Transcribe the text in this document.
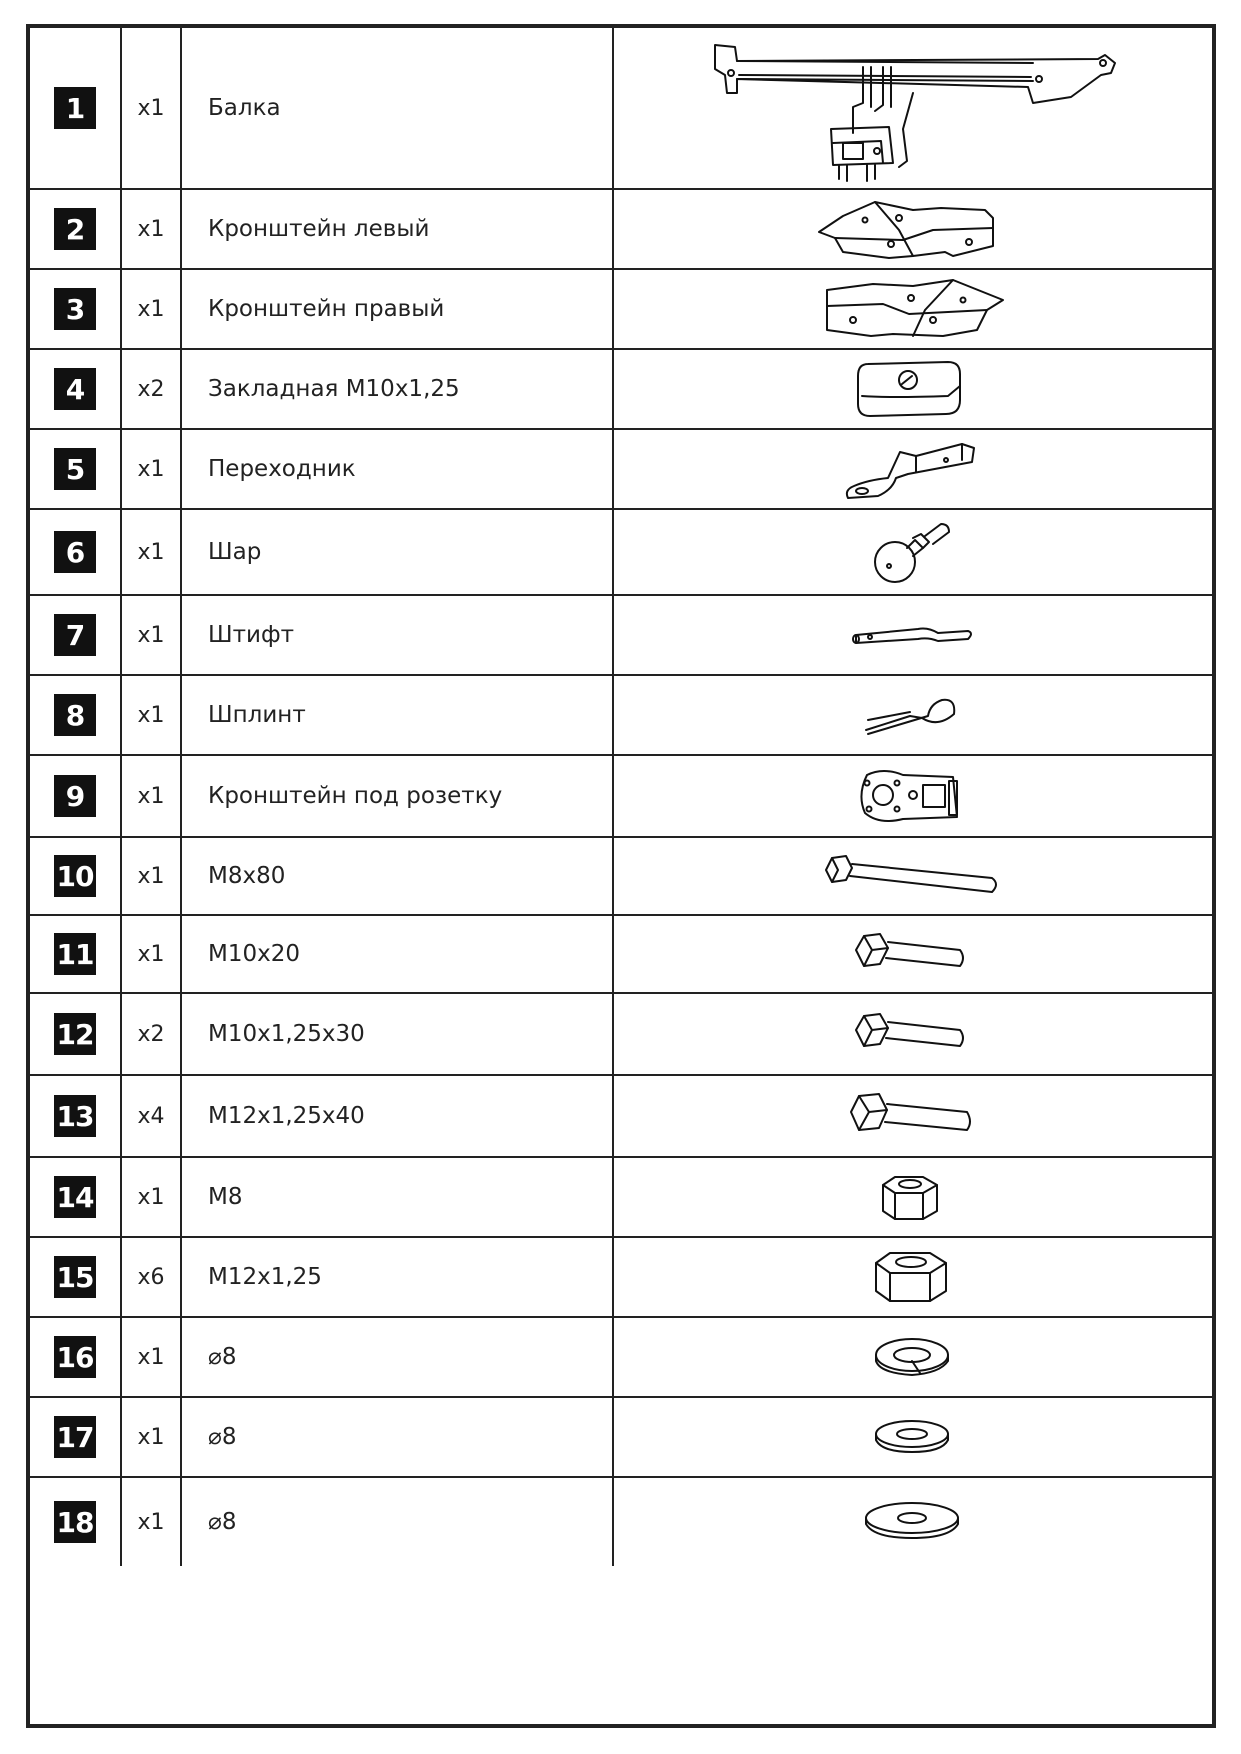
1	x1	Балка
2	x1	Кронштейн левый
3	x1	Кронштейн правый
4	x2	Закладная М10х1,25
5	x1	Переходник
6	x1	Шар
7	x1	Штифт
8	x1	Шплинт
9	x1	Кронштейн под розетку
10	x1	М8х80
11	x1	М10х20
12	x2	М10х1,25х30
13	x4	М12х1,25х40
14	x1	М8
15	x6	М12х1,25
16	x1	⌀8
17	x1	⌀8
18	x1	⌀8
